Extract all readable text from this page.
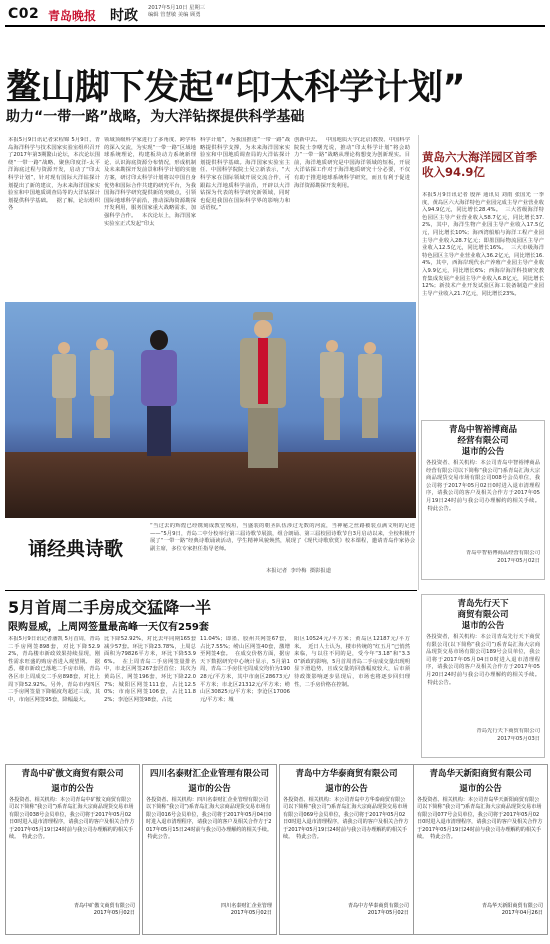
C02 青岛晚报 时政 2017年5月10日 星期三
编辑 管慧敏 美编 顾勇
鳌山脚下发起“印太科学计划”
助力“一带一路”战略，为大洋钻探提供科学基础
本报5月9日讯记者宋程锦 5月9日，青岛海洋科学与技术国家实验室组织召开了2017年第3期鳌山论坛，本次论坛围绕“一带一路”战略、聚焦印度洋-太平洋海底过程与资源开发，启动了“印太科学计划”，针对现有国际大洋钻探计划提出了新的建议，为未来海洋国家实验室和中国地质调查局等的大洋钻探计划提供科学基础。   据了解，论坛组织各
领域顶级科学家进行了多角度、跨学科的深入交流，为实现“一带一路”区域地球系统理论，构建板块动力系统新理论、认识海底资源分布情况，形成机制及未来勘探开发前景和科学计划的实施方案，研讨印太科学计划将以中国自身优势和国际合作共建的研究平台，为我国海洋科学研究提供新的突破点，引领国际地球科学前沿，推动深海资源勘探开发利用，服务国家重大战略需求，加强科学合作。   本次论坛上，海洋国家实验室正式发起“印太
科学计划”，为我国推进“一带一路”战略提供科学支撑，为未来海洋国家实验室和中国地质调查局的大洋钻探计划提供科学基础。海洋国家实验室主任、中国科学院院士吴立新表示，“大科学家在国际领域开展交流合作，可跟踪大洋地质科学前沿，开辟以大洋钻探为代表的科学研究新领域，同时也促进我国在国际科学界的影响力和话语权。”
创新中去。   中国地质大学(北京)教授、中国科学院院士李曙光说，推动“印太科学计划”将会助力“一带一路”战略从理论构想变为创新现实。目前，海洋地质研究是中国海洋领域的短板，开展大洋钻探工作对于海洋地质研究十分必要，不仅有助于推进地球系统科学研究，而且有利于促进海洋资源勘探开发利用。
诵经典诗歌
“当过去的辉煌已经镌刻成教堂残垣，当盛装的朝圣队伍涉过无数的河流，当神秘之丝路被装点满文明的足迹——”5月9日，青岛二中分校举行第三届诗歌节展演，组合朗诵、第三届校园诗歌节自3月启动以来，全校积极开展了“一带一路”经典诗歌诵读活动，学生精神风貌焕然，展现了《现代诗歌欣赏》校本课程，邀请青岛作家协会副主席，多位专家担任指导老师。
本报记者  李玲梅  摄影报道
黄岛六大海洋园区首季收入94.9亿
本报5月9日讯记者 殷萍 通讯员 刘雨 张国光 一季度，黄岛区六大海洋特色产业园完成主导产业营业收入94.9亿元，同比增长28.4%。  三大省级海洋特色园区主导产业营业收入58.7亿元，同比增长37.2%，其中，海洋生物产业园主导产业收入17.5亿元，同比增长10%；海西湾船舶与海洋工程产业园主导产业收入28.7亿元；即墨国际物流园区主导产业收入12.5亿元，同比增长16%。  三大市级海洋特色园区主导产业营业收入36.2亿元，同比增长16.4%，其中，西海岸现代水产养殖产业园主导产业收入9.9亿元，同比增长6%；西海岸海洋科技研究教育集成发展产业园主导产业收入6.8亿元，同比增长12%；新技术产业开发试验区海工装备制造产业园主导产业收入21.7亿元，同比增长23%。
青岛中智裕博商品
经营有限公司
退市的公告
各投资者、相关机构：本公司青岛中智裕博商品经营有限公司以下简称“我公司”)系青岛汇海大宗商品现货交易市场有限公司008号会员单位，我公司将于2017年05月02日0时进入退市清理程序，请我公司的客户及相关合作方于2017年05月19日24时前与我公司办理解约的相关手续。  特此公告。
青岛中智裕博商品经营有限公司
2017年05月02日
5月首周二手房成交猛降一半
限购显威，上周网签量最高峰一天仅有259套
本报5月9日讯记者潘凯 5月首周，青岛二手房网签898套，对比下降52.92%，青岛楼市新政效果持续显现，刚性需求旺盛的购房者进入观望期。  据悉，楼市新政已落地二手房市场，青岛各区市上周成交二手房898套，对比上周下降52.92%。另外，青岛市内四区二手房网签量下降幅度均超过三成，其中，市南区网签95套，降幅最大。
比下降52.92%，对比去年同期165套减少57套。环比下降23.78%，上周总面积为79826平方米，环比下降53.96%。  在上周青岛二手房网签量排名中，市北区网签267套居首位；其次为黄岛区，网签196套，环比下降22.07%；城阳区网签111套，占比12.50%；市南区网签106套，占比11.82%；李沧区网签98套，占比
11.04%；即墨、胶州共网签67套，占比7.55%；崂山区网签40套，激增至网签4套。  在成交价格方面，据房天下数据研究中心统计显示，5月第1周，青岛二手房住宅周成交均价为19028元/平方米，其中市南区28673元/平方米；市北区21312元/平方米；崂山区30825元/平方米；李沧区17006元/平方米；城
阳区10524元/平方米；黄岛区12187元/平方米。  近日人士认为，楼市传统的“红五月”已悄然来临，与以往不同的是，受今年“3.18”和“3.30”新政的影响，5月首周青岛二手房成交量出现明显下滑趋势，且成交量的回落幅度较大，后市须待政策影响逐步显现后，市场也将逐步回归理性，二手房价格在控制。
青岛先行天下
商贸有限公司
退市的公告
各投资者，相关机构：本公司青岛先行天下商贸有限公司(以下简称“我公司”)系青岛汇海大宗商品现货交易市场有限公司189号会员单位，我公司将于2017年05月04日0时进入退市清理程序，请我公司的客户及相关合作方于2017年05月20日24时前与我公司办理解约的相关手续。  特此公告。
青岛先行天下商贸有限公司
2017年05月03日
青岛中矿傲文商贸有限公司
退市的公告
各投资者、相关机构：本公司青岛中矿傲文商贸有限公司以下简称“我公司”)系青岛汇海大宗商品现货交易市场有限公司038号会员单位，我公司将于2017年05月02日0时进入退市清理程序，请我公司的客户及相关合作方于2017年05月19日24时前与我公司办理解约的相关手续。  特此公告。
青岛中矿傲文商贸有限公司
2017年05月02日
四川名泰财汇企业管理有限公司
退市的公告
各投资者、相关机构：四川名泰财汇企业管理有限公司以下简称“我公司”)系青岛汇海大宗商品现货交易市场有限公司016号会员单位，我公司将于2017年05月04日0时进入退市清理程序，请我公司的客户及相关合作方于2017年05月15日24时前与我公司办理解约的相关手续。  特此公告。
四川名泰财汇企业管理
2017年05月02日
青岛中方华泰商贸有限公司
退市的公告
各投资者、相关机构：本公司青岛中方华泰商贸有限公司以下简称“我公司”)系青岛汇海大宗商品现货交易市场有限公司069号会员单位，我公司将于2017年05月02日0时进入退市清理程序，请我公司的客户及相关合作方于2017年05月19日24时前与我公司办理解约的相关手续。  特此公告。
青岛中方华泰商贸有限公司
2017年05月02日
青岛华天新阳商贸有限公司
退市的公告
各投资者、相关机构：本公司青岛华天新阳商贸有限公司以下简称“我公司”)系青岛汇海大宗商品现货交易市场有限公司077号会员单位，我公司将于2017年05月02日0时进入退市清理程序，请我公司的客户及相关合作方于2017年05月19日24时前与我公司办理解约的相关手续。  特此公告。
青岛华天新阳商贸有限公司
2017年04月26日
